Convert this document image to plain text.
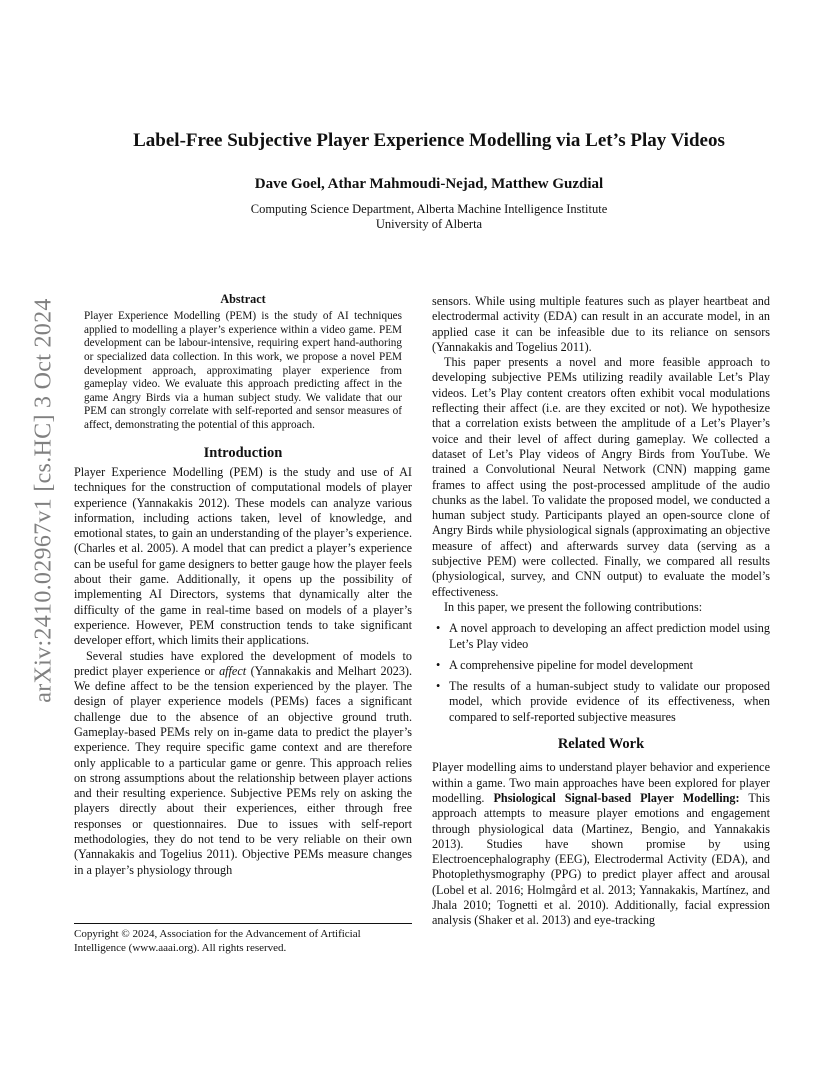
arXiv:2410.02967v1 [cs.HC] 3 Oct 2024
Label-Free Subjective Player Experience Modelling via Let’s Play Videos
Dave Goel, Athar Mahmoudi-Nejad, Matthew Guzdial
Computing Science Department, Alberta Machine Intelligence Institute
University of Alberta
Abstract

Player Experience Modelling (PEM) is the study of AI techniques applied to modelling a player’s experience within a video game. PEM development can be labour-intensive, requiring expert hand-authoring or specialized data collection. In this work, we propose a novel PEM development approach, approximating player experience from gameplay video. We evaluate this approach predicting affect in the game Angry Birds via a human subject study. We validate that our PEM can strongly correlate with self-reported and sensor measures of affect, demonstrating the potential of this approach.

Introduction

Player Experience Modelling (PEM) is the study and use of AI techniques for the construction of computational models of player experience (Yannakakis 2012). These models can analyze various information, including actions taken, level of knowledge, and emotional states, to gain an understanding of the player’s experience. (Charles et al. 2005). A model that can predict a player’s experience can be useful for game designers to better gauge how the player feels about their game. Additionally, it opens up the possibility of implementing AI Directors, systems that dynamically alter the difficulty of the game in real-time based on models of a player’s experience. However, PEM construction tends to take significant developer effort, which limits their applications.

Several studies have explored the development of models to predict player experience or affect (Yannakakis and Melhart 2023). We define affect to be the tension experienced by the player. The design of player experience models (PEMs) faces a significant challenge due to the absence of an objective ground truth. Gameplay-based PEMs rely on in-game data to predict the player’s experience. They require specific game context and are therefore only applicable to a particular game or genre. This approach relies on strong assumptions about the relationship between player actions and their resulting experience. Subjective PEMs rely on asking the players directly about their experiences, either through free responses or questionnaires. Due to issues with self-report methodologies, they do not tend to be very reliable on their own (Yannakakis and Togelius 2011). Objective PEMs measure changes in a player’s physiology through

sensors. While using multiple features such as player heartbeat and electrodermal activity (EDA) can result in an accurate model, in an applied case it can be infeasible due to its reliance on sensors (Yannakakis and Togelius 2011).

This paper presents a novel and more feasible approach to developing subjective PEMs utilizing readily available Let’s Play videos. Let’s Play content creators often exhibit vocal modulations reflecting their affect (i.e. are they excited or not). We hypothesize that a correlation exists between the amplitude of a Let’s Player’s voice and their level of affect during gameplay. We collected a dataset of Let’s Play videos of Angry Birds from YouTube. We trained a Convolutional Neural Network (CNN) mapping game frames to affect using the post-processed amplitude of the audio chunks as the label. To validate the proposed model, we conducted a human subject study. Participants played an open-source clone of Angry Birds while physiological signals (approximating an objective measure of affect) and afterwards survey data (serving as a subjective PEM) were collected. Finally, we compared all results (physiological, survey, and CNN output) to evaluate the model’s effectiveness.

In this paper, we present the following contributions:

• A novel approach to developing an affect prediction model using Let’s Play video
• A comprehensive pipeline for model development
• The results of a human-subject study to validate our proposed model, which provide evidence of its effectiveness, when compared to self-reported subjective measures
Related Work

Player modelling aims to understand player behavior and experience within a game. Two main approaches have been explored for player modelling. Phsiological Signal-based Player Modelling: This approach attempts to measure player emotions and engagement through physiological data (Martinez, Bengio, and Yannakakis 2013). Studies have shown promise by using Electroencephalography (EEG), Electrodermal Activity (EDA), and Photoplethysmography (PPG) to predict player affect and arousal (Lobel et al. 2016; Holmgård et al. 2013; Yannakakis, Martínez, and Jhala 2010; Tognetti et al. 2010). Additionally, facial expression analysis (Shaker et al. 2013) and eye-tracking

Copyright © 2024, Association for the Advancement of Artificial Intelligence (www.aaai.org). All rights reserved.
